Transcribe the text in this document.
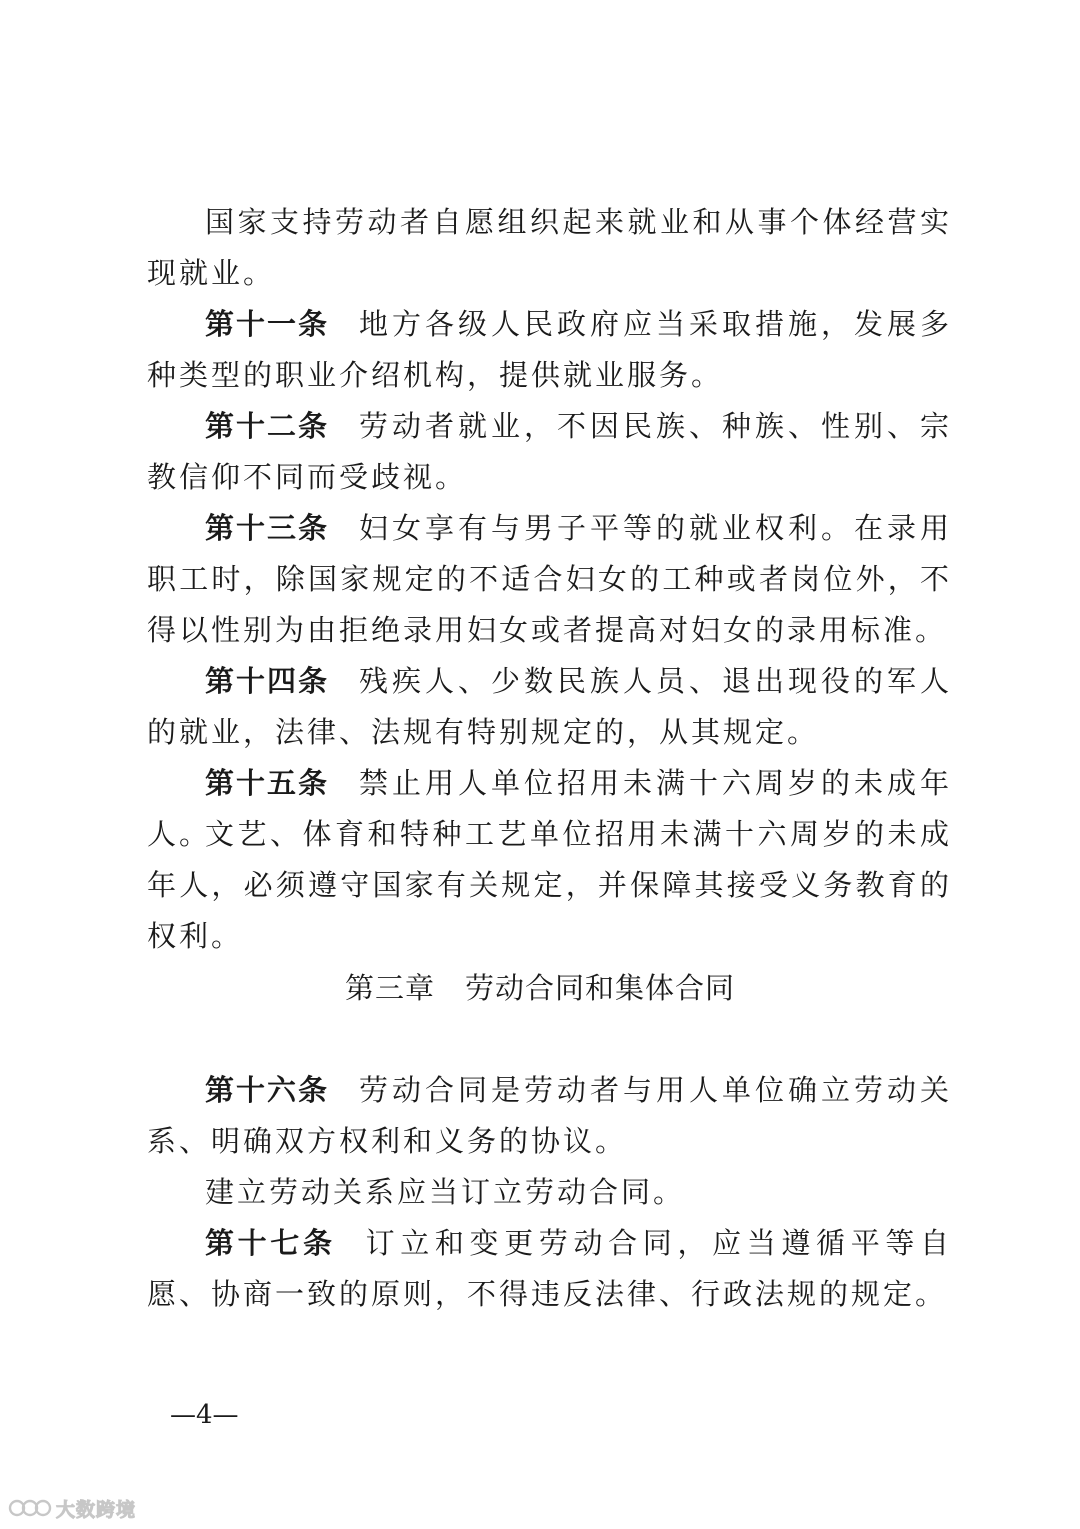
国家支持劳动者自愿组织起来就业和从事个体经营实现就业。

第十一条 地方各级人民政府应当采取措施，发展多种类型的职业介绍机构，提供就业服务。

第十二条 劳动者就业，不因民族、种族、性别、宗教信仰不同而受歧视。

第十三条 妇女享有与男子平等的就业权利。在录用职工时，除国家规定的不适合妇女的工种或者岗位外，不得以性别为由拒绝录用妇女或者提高对妇女的录用标准。

第十四条 残疾人、少数民族人员、退出现役的军人的就业，法律、法规有特别规定的，从其规定。

第十五条 禁止用人单位招用未满十六周岁的未成年人。

文艺、体育和特种工艺单位招用未满十六周岁的未成年人，必须遵守国家有关规定，并保障其接受义务教育的权利。

第三章 劳动合同和集体合同

第十六条 劳动合同是劳动者与用人单位确立劳动关系、明确双方权利和义务的协议。

建立劳动关系应当订立劳动合同。

第十七条 订立和变更劳动合同，应当遵循平等自愿、协商一致的原则，不得违反法律、行政法规的规定。

—4—
大数跨境
